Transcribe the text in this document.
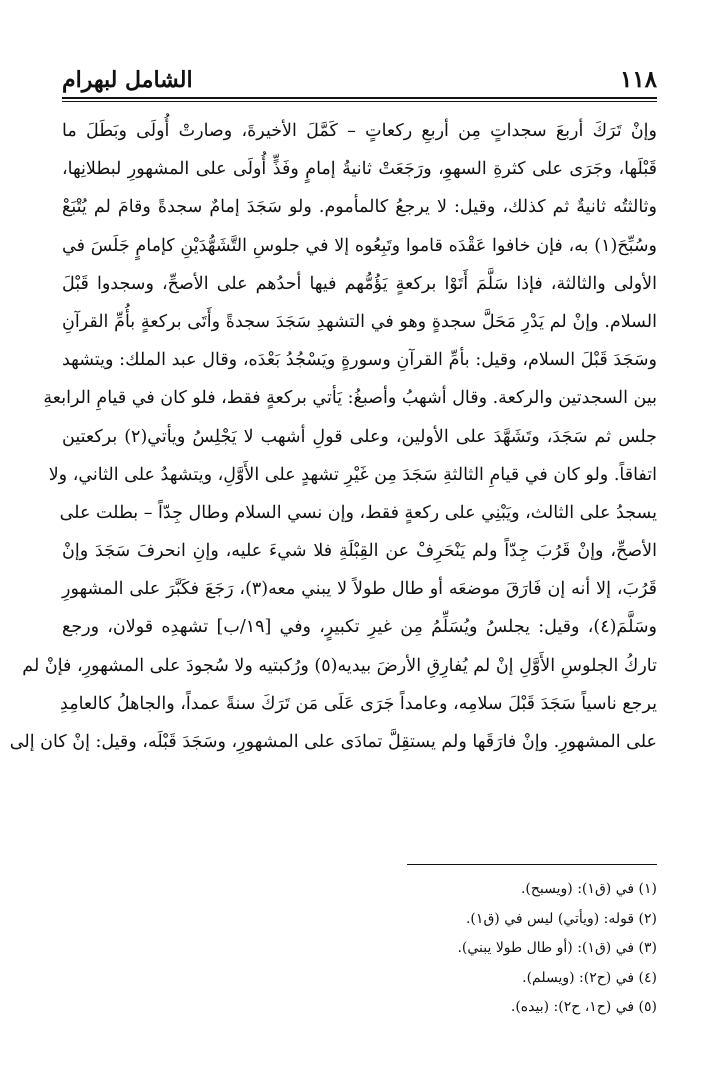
١١٨
الشامل لبهرام
وإنْ تَرَكَ أربعَ سجداتٍ مِن أربعِ ركعاتٍ – كَمَّلَ الأخيرةَ، وصارتْ أُولَى وبَطَلَ ما
قَبْلَها، وجَرَى على كثرةِ السهوِ، ورَجَعَتْ ثانيةُ إمامٍ وفَذٍّ أُولَى على المشهورِ لبطلانِها،
وثالثتُه ثانيةٌ ثم كذلك، وقيل: لا يرجعُ كالمأموم. ولو سَجَدَ إمامٌ سجدةً وقامَ لم يُتْبَعْ
وسُبِّحَ(١) به، فإن خافوا عَقْدَه قاموا وتَبِعُوه إلا في جلوسِ التَّشَهُّدَيْنِ كإمامٍ جَلَسَ في
الأولى والثالثة، فإذا سَلَّمَ أَتَوْا بركعةٍ يَؤُمُّهم فيها أحدُهم على الأصحِّ، وسجدوا قَبْلَ
السلام. وإنْ لم يَدْرِ مَحَلَّ سجدةٍ وهو في التشهدِ سَجَدَ سجدةً وأَتَى بركعةٍ بأُمِّ القرآنِ
وسَجَدَ قَبْلَ السلام، وقيل: بأمِّ القرآنِ وسورةٍ ويَسْجُدُ بَعْدَه، وقال عبد الملك: ويتشهد
بين السجدتين والركعة. وقال أشهبُ وأصبغُ: يَأتي بركعةٍ فقط، فلو كان في قيامِ الرابعةِ
جلس ثم سَجَدَ، وتَشَهَّدَ على الأولين، وعلى قولِ أشهب لا يَجْلِسُ ويأتي(٢) بركعتين
اتفاقاً. ولو كان في قيامِ الثالثةِ سَجَدَ مِن غَيْرِ تشهدٍ على الأَوَّلِ، ويتشهدُ على الثاني، ولا
يسجدُ على الثالث، ويَبْنِي على ركعةٍ فقط، وإن نسي السلام وطال جِدّاً – بطلت على
الأصحِّ، وإنْ قَرُبَ جِدّاً ولم يَنْحَرِفْ عن القِبْلَةِ فلا شيءَ عليه، وإنِ انحرفَ سَجَدَ وإنْ
قَرُبَ، إلا أنه إن فَارَقَ موضعَه أو طال طولاً لا يبني معه(٣)، رَجَعَ فكَبَّرَ على المشهورِ
وسَلَّمَ(٤)، وقيل: يجلسُ ويُسَلِّمُ مِن غيرِ تكبيرٍ، وفي [١٩/ب] تشهدِه قولان، ورجع
تاركُ الجلوسِ الأَوَّلِ إنْ لم يُفارِقِ الأرضَ بيديه(٥) ورُكبتيه ولا سُجودَ على المشهورِ، فإنْ لم
يرجع ناسياً سَجَدَ قَبْلَ سلامِه، وعامداً جَرَى عَلَى مَن تَرَكَ سنةً عمداً، والجاهلُ كالعامِدِ
على المشهورِ. وإنْ فارَقَها ولم يستقِلَّ تمادَى على المشهورِ، وسَجَدَ قَبْلَه، وقيل: إنْ كان إلى
(١) في (ق١): (ويسبح).
(٢) قوله: (ويأتي) ليس في (ق١).
(٣) في (ق١): (أو طال طولا يبني).
(٤) في (ح٢): (ويسلم).
(٥) في (ح١، ح٢): (بيده).
